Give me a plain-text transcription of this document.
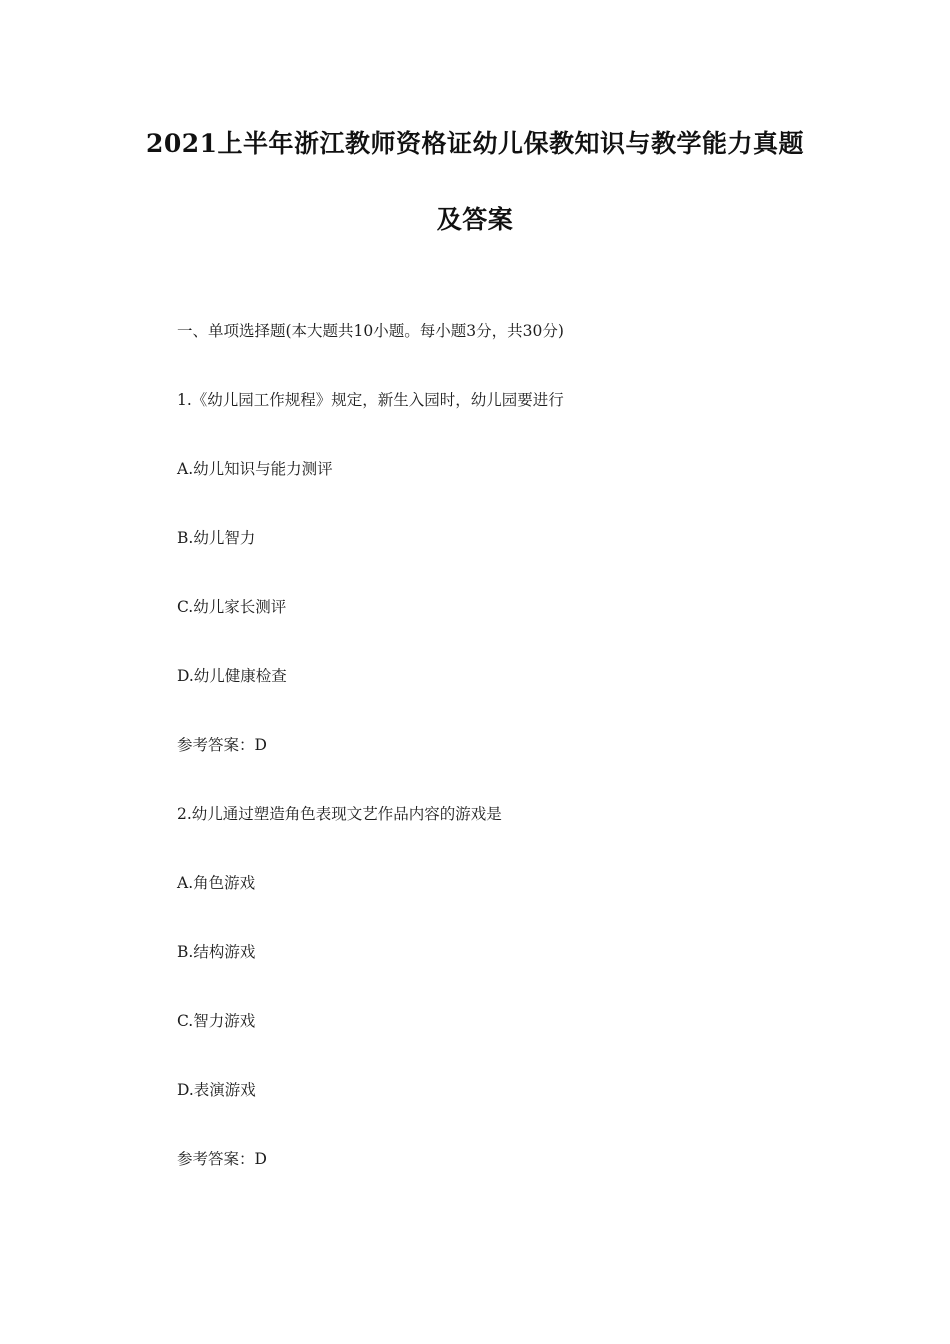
2021上半年浙江教师资格证幼儿保教知识与教学能力真题
及答案
一、单项选择题(本大题共10小题。每小题3分，共30分)
1.《幼儿园工作规程》规定，新生入园时，幼儿园要进行
A.幼儿知识与能力测评
B.幼儿智力
C.幼儿家长测评
D.幼儿健康检查
参考答案：D
2.幼儿通过塑造角色表现文艺作品内容的游戏是
A.角色游戏
B.结构游戏
C.智力游戏
D.表演游戏
参考答案：D
